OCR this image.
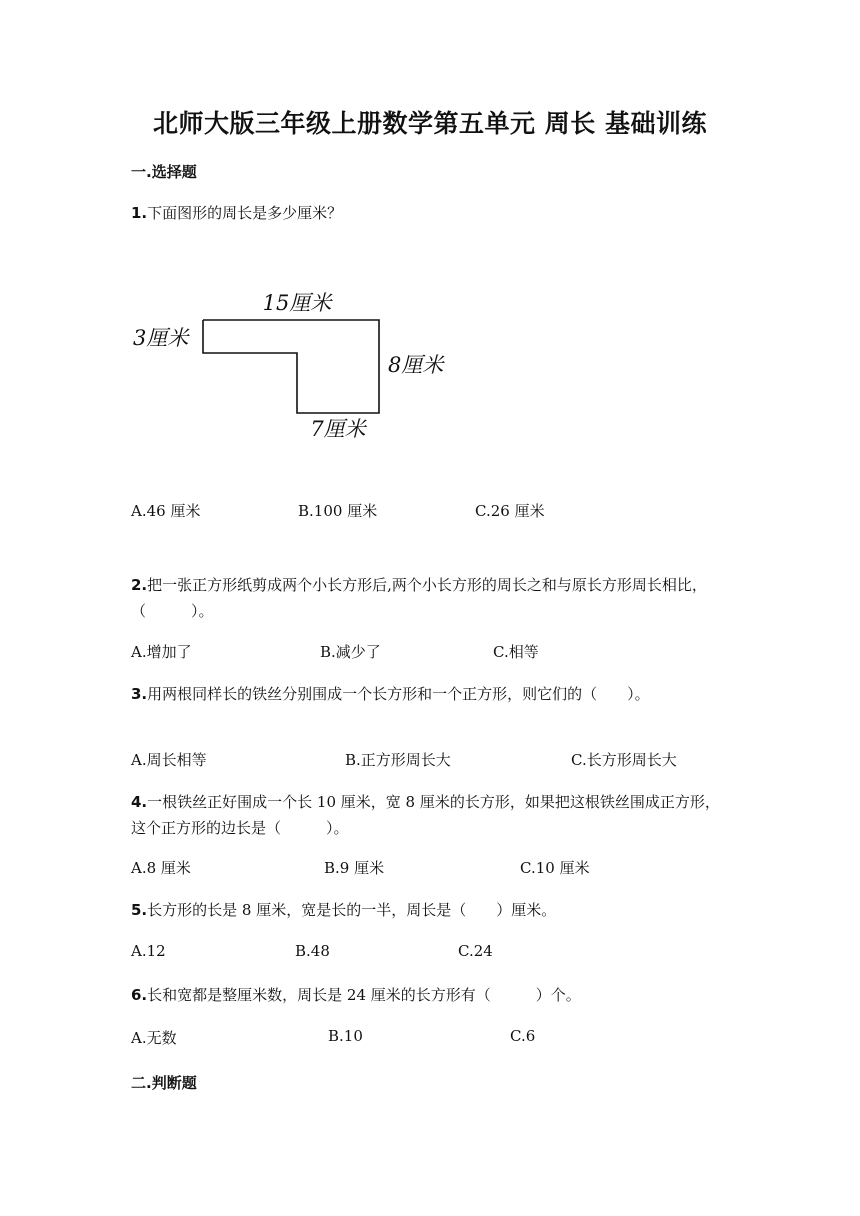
北师大版三年级上册数学第五单元 周长 基础训练
一.选择题
1.下面图形的周长是多少厘米？
15厘米
3厘米
8厘米
7厘米
A.46 厘米	B.100 厘米	C.26 厘米
2.把一张正方形纸剪成两个小长方形后,两个小长方形的周长之和与原长方形周长相比，（　　　）。
A.增加了	B.减少了	C.相等
3.用两根同样长的铁丝分别围成一个长方形和一个正方形，则它们的（　　）。
A.周长相等	B.正方形周长大	C.长方形周长大
4.一根铁丝正好围成一个长 10 厘米，宽 8 厘米的长方形，如果把这根铁丝围成正方形，这个正方形的边长是（　　　）。
A.8 厘米	B.9 厘米	C.10 厘米
5.长方形的长是 8 厘米，宽是长的一半，周长是（　　）厘米。
A.12	B.48	C.24
6.长和宽都是整厘米数，周长是 24 厘米的长方形有（　　　）个。
A.无数	B.10	C.6
二.判断题
